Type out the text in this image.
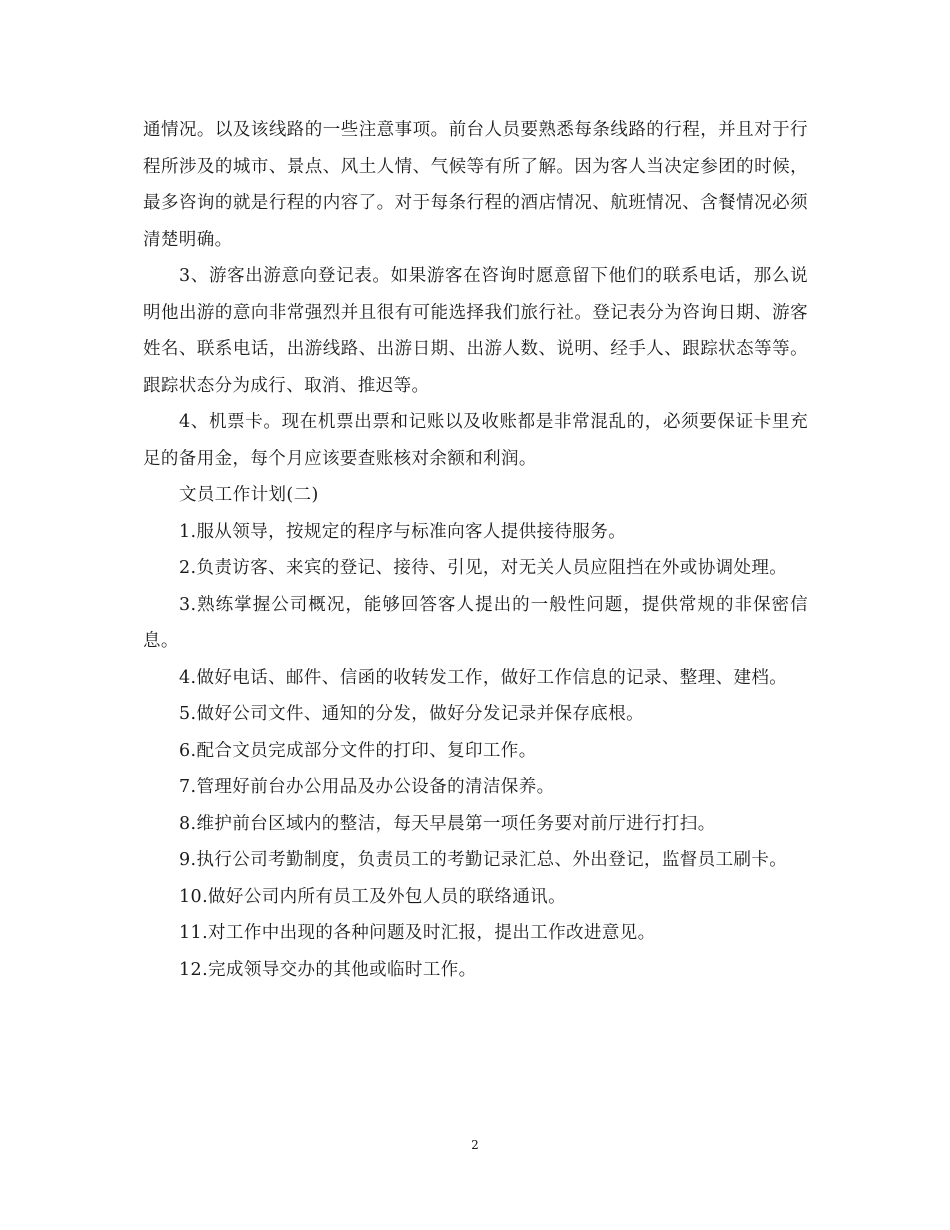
通情况。以及该线路的一些注意事项。前台人员要熟悉每条线路的行程，并且对于行程所涉及的城市、景点、风土人情、气候等有所了解。因为客人当决定参团的时候，最多咨询的就是行程的内容了。对于每条行程的酒店情况、航班情况、含餐情况必须清楚明确。

3、游客出游意向登记表。如果游客在咨询时愿意留下他们的联系电话，那么说明他出游的意向非常强烈并且很有可能选择我们旅行社。登记表分为咨询日期、游客姓名、联系电话，出游线路、出游日期、出游人数、说明、经手人、跟踪状态等等。跟踪状态分为成行、取消、推迟等。

4、机票卡。现在机票出票和记账以及收账都是非常混乱的，必须要保证卡里充足的备用金，每个月应该要查账核对余额和利润。

文员工作计划(二)

1.服从领导，按规定的程序与标准向客人提供接待服务。

2.负责访客、来宾的登记、接待、引见，对无关人员应阻挡在外或协调处理。

3.熟练掌握公司概况，能够回答客人提出的一般性问题，提供常规的非保密信息。

4.做好电话、邮件、信函的收转发工作，做好工作信息的记录、整理、建档。

5.做好公司文件、通知的分发，做好分发记录并保存底根。

6.配合文员完成部分文件的打印、复印工作。

7.管理好前台办公用品及办公设备的清洁保养。

8.维护前台区域内的整洁，每天早晨第一项任务要对前厅进行打扫。

9.执行公司考勤制度，负责员工的考勤记录汇总、外出登记，监督员工刷卡。

10.做好公司内所有员工及外包人员的联络通讯。

11.对工作中出现的各种问题及时汇报，提出工作改进意见。

12.完成领导交办的其他或临时工作。

2
